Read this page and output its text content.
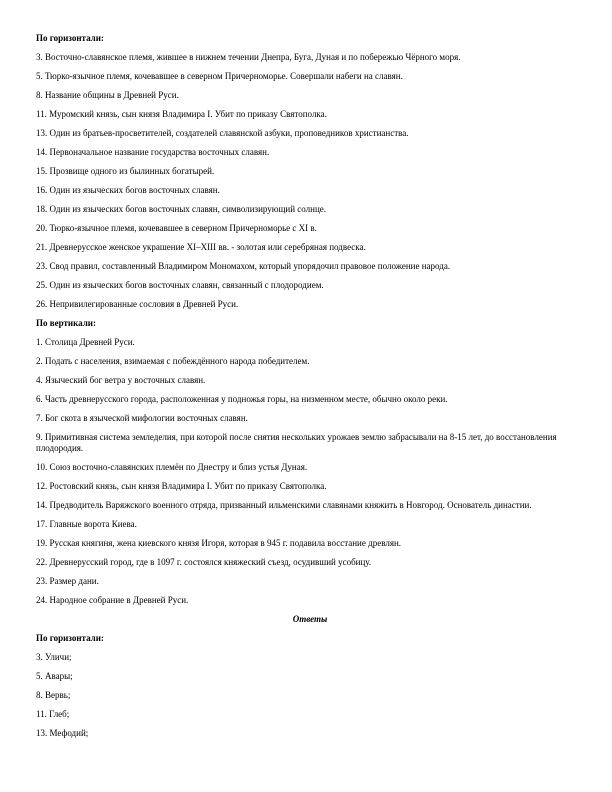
По горизонтали:

3. Восточно-славянское племя, жившее в нижнем течении Днепра, Буга, Дуная и по побережью Чёрного моря.

5. Тюрко-язычное племя, кочевавшее в северном Причерноморье. Совершали набеги на славян.

8. Название общины в Древней Руси.

11. Муромский князь, сын князя Владимира I. Убит по приказу Святополка.

13. Один из братьев-просветителей, создателей славянской азбуки, проповедников христианства.

14. Первоначальное название государства восточных славян.

15. Прозвище одного из былинных богатырей.

16. Один из языческих богов восточных славян.

18. Один из языческих богов восточных славян, символизирующий солнце.

20. Тюрко-язычное племя, кочевавшее в северном Причерноморье с XI в.

21. Древнерусское женское украшение XI–XIII вв. - золотая или серебряная подвеска.

23. Свод правил, составленный Владимиром Мономахом, который упорядочил правовое положение народа.

25. Один из языческих богов восточных славян, связанный с плодородием.

26. Непривилегированные сословия в Древней Руси.

По вертикали:

1. Столица Древней Руси.

2. Подать с населения, взимаемая с побеждённого народа победителем.

4. Языческий бог ветра у восточных славян.

6. Часть древнерусского города, расположенная у подножья горы, на низменном месте, обычно около реки.

7. Бог скота в языческой мифологии восточных славян.

9. Примитивная система земледелия, при которой после снятия нескольких урожаев землю забрасывали на 8-15 лет, до восстановления плодородия.

10. Союз восточно-славянских племён по Днестру и близ устья Дуная.

12. Ростовский князь, сын князя Владимира I. Убит по приказу Святополка.

14. Предводитель Варяжского военного отряда, призванный ильменскими славянами княжить в Новгород. Основатель династии.

17. Главные ворота Киева.

19. Русская княгиня, жена киевского князя Игоря, которая в 945 г. подавила восстание древлян.

22. Древнерусский город, где в 1097 г. состоялся княжеский съезд, осудивший усобицу.

23. Размер дани.

24. Народное собрание в Древней Руси.

Ответы

По горизонтали:

3. Уличи;

5. Авары;

8. Вервь;

11. Глеб;

13. Мефодий;
